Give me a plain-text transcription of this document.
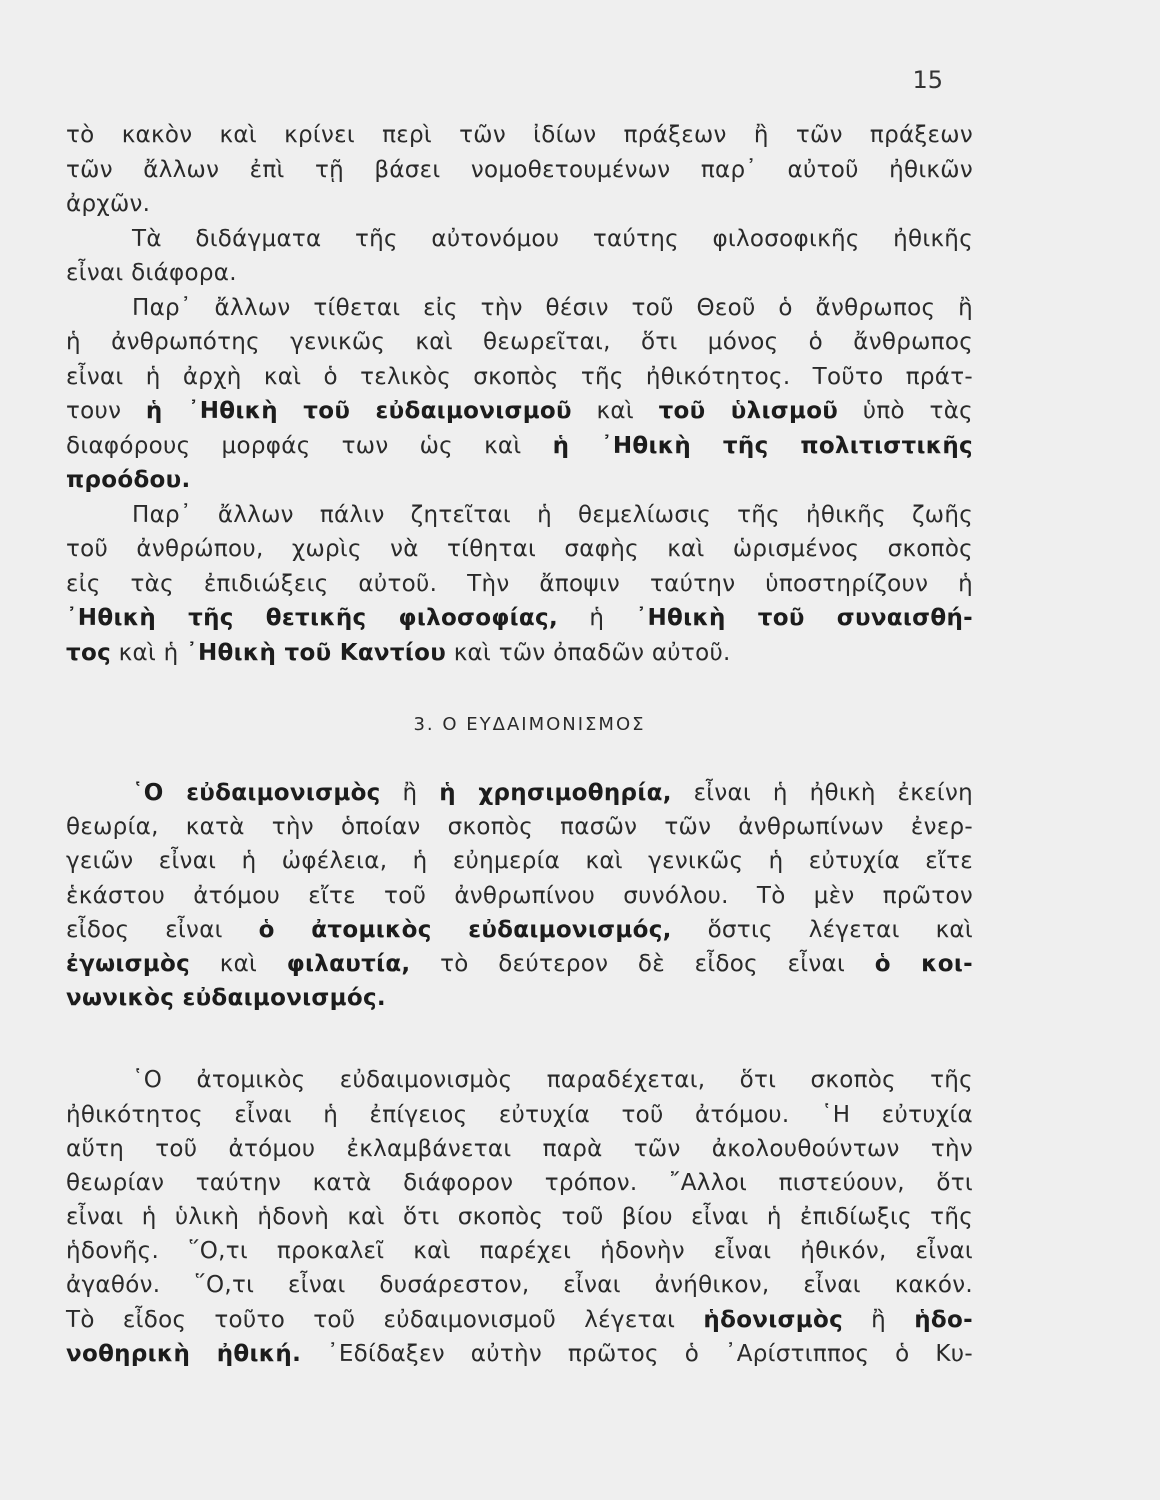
15
τὸ κακὸν καὶ κρίνει περὶ τῶν ἰδίων πράξεων ἢ τῶν πράξεων
τῶν ἄλλων ἐπὶ τῇ βάσει νομοθετουμένων παρ᾽ αὐτοῦ ἠθικῶν
ἀρχῶν.
Τὰ διδάγματα τῆς αὐτονόμου ταύτης φιλοσοφικῆς ἠθικῆς
εἶναι διάφορα.
Παρ᾽ ἄλλων τίθεται εἰς τὴν θέσιν τοῦ Θεοῦ ὁ ἄνθρωπος ἢ
ἡ ἀνθρωπότης γενικῶς καὶ θεωρεῖται, ὅτι μόνος ὁ ἄνθρωπος
εἶναι ἡ ἀρχὴ καὶ ὁ τελικὸς σκοπὸς τῆς ἠθικότητος. Τοῦτο πράτ-
τουν ἡ ᾿Ηθικὴ τοῦ εὐδαιμονισμοῦ καὶ τοῦ ὑλισμοῦ ὑπὸ τὰς
διαφόρους μορφάς των ὡς καὶ ἡ ᾿Ηθικὴ τῆς πολιτιστικῆς
προόδου.
Παρ᾽ ἄλλων πάλιν ζητεῖται ἡ θεμελίωσις τῆς ἠθικῆς ζωῆς
τοῦ ἀνθρώπου, χωρὶς νὰ τίθηται σαφὴς καὶ ὡρισμένος σκοπὸς
εἰς τὰς ἐπιδιώξεις αὐτοῦ. Τὴν ἄποψιν ταύτην ὑποστηρίζουν ἡ
᾿Ηθικὴ τῆς θετικῆς φιλοσοφίας, ἡ ᾿Ηθικὴ τοῦ συναισθή-
τος καὶ ἡ ᾿Ηθικὴ τοῦ Καντίου καὶ τῶν ὀπαδῶν αὐτοῦ.
3. Ο ΕΥΔΑΙΜΟΝΙΣΜΟΣ
῾Ο εὐδαιμονισμὸς ἢ ἡ χρησιμοθηρία, εἶναι ἡ ἠθικὴ ἐκείνη
θεωρία, κατὰ τὴν ὁποίαν σκοπὸς πασῶν τῶν ἀνθρωπίνων ἐνερ-
γειῶν εἶναι ἡ ὠφέλεια, ἡ εὐημερία καὶ γενικῶς ἡ εὐτυχία εἴτε
ἑκάστου ἀτόμου εἴτε τοῦ ἀνθρωπίνου συνόλου. Τὸ μὲν πρῶτον
εἶδος εἶναι ὁ ἀτομικὸς εὐδαιμονισμός, ὅστις λέγεται καὶ
ἐγωισμὸς καὶ φιλαυτία, τὸ δεύτερον δὲ εἶδος εἶναι ὁ κοι-
νωνικὸς εὐδαιμονισμός.
῾Ο ἀτομικὸς εὐδαιμονισμὸς παραδέχεται, ὅτι σκοπὸς τῆς
ἠθικότητος εἶναι ἡ ἐπίγειος εὐτυχία τοῦ ἀτόμου. ῾Η εὐτυχία
αὕτη τοῦ ἀτόμου ἐκλαμβάνεται παρὰ τῶν ἀκολουθούντων τὴν
θεωρίαν ταύτην κατὰ διάφορον τρόπον. ῎Αλλοι πιστεύουν, ὅτι
εἶναι ἡ ὑλικὴ ἡδονὴ καὶ ὅτι σκοπὸς τοῦ βίου εἶναι ἡ ἐπιδίωξις τῆς
ἡδονῆς. ῞Ο,τι προκαλεῖ καὶ παρέχει ἡδονὴν εἶναι ἠθικόν, εἶναι
ἀγαθόν. ῞Ο,τι εἶναι δυσάρεστον, εἶναι ἀνήθικον, εἶναι κακόν.
Τὸ εἶδος τοῦτο τοῦ εὐδαιμονισμοῦ λέγεται ἡδονισμὸς ἢ ἡδο-
νοθηρικὴ ἠθική. ᾿Εδίδαξεν αὐτὴν πρῶτος ὁ ᾿Αρίστιππος ὁ Κυ-
